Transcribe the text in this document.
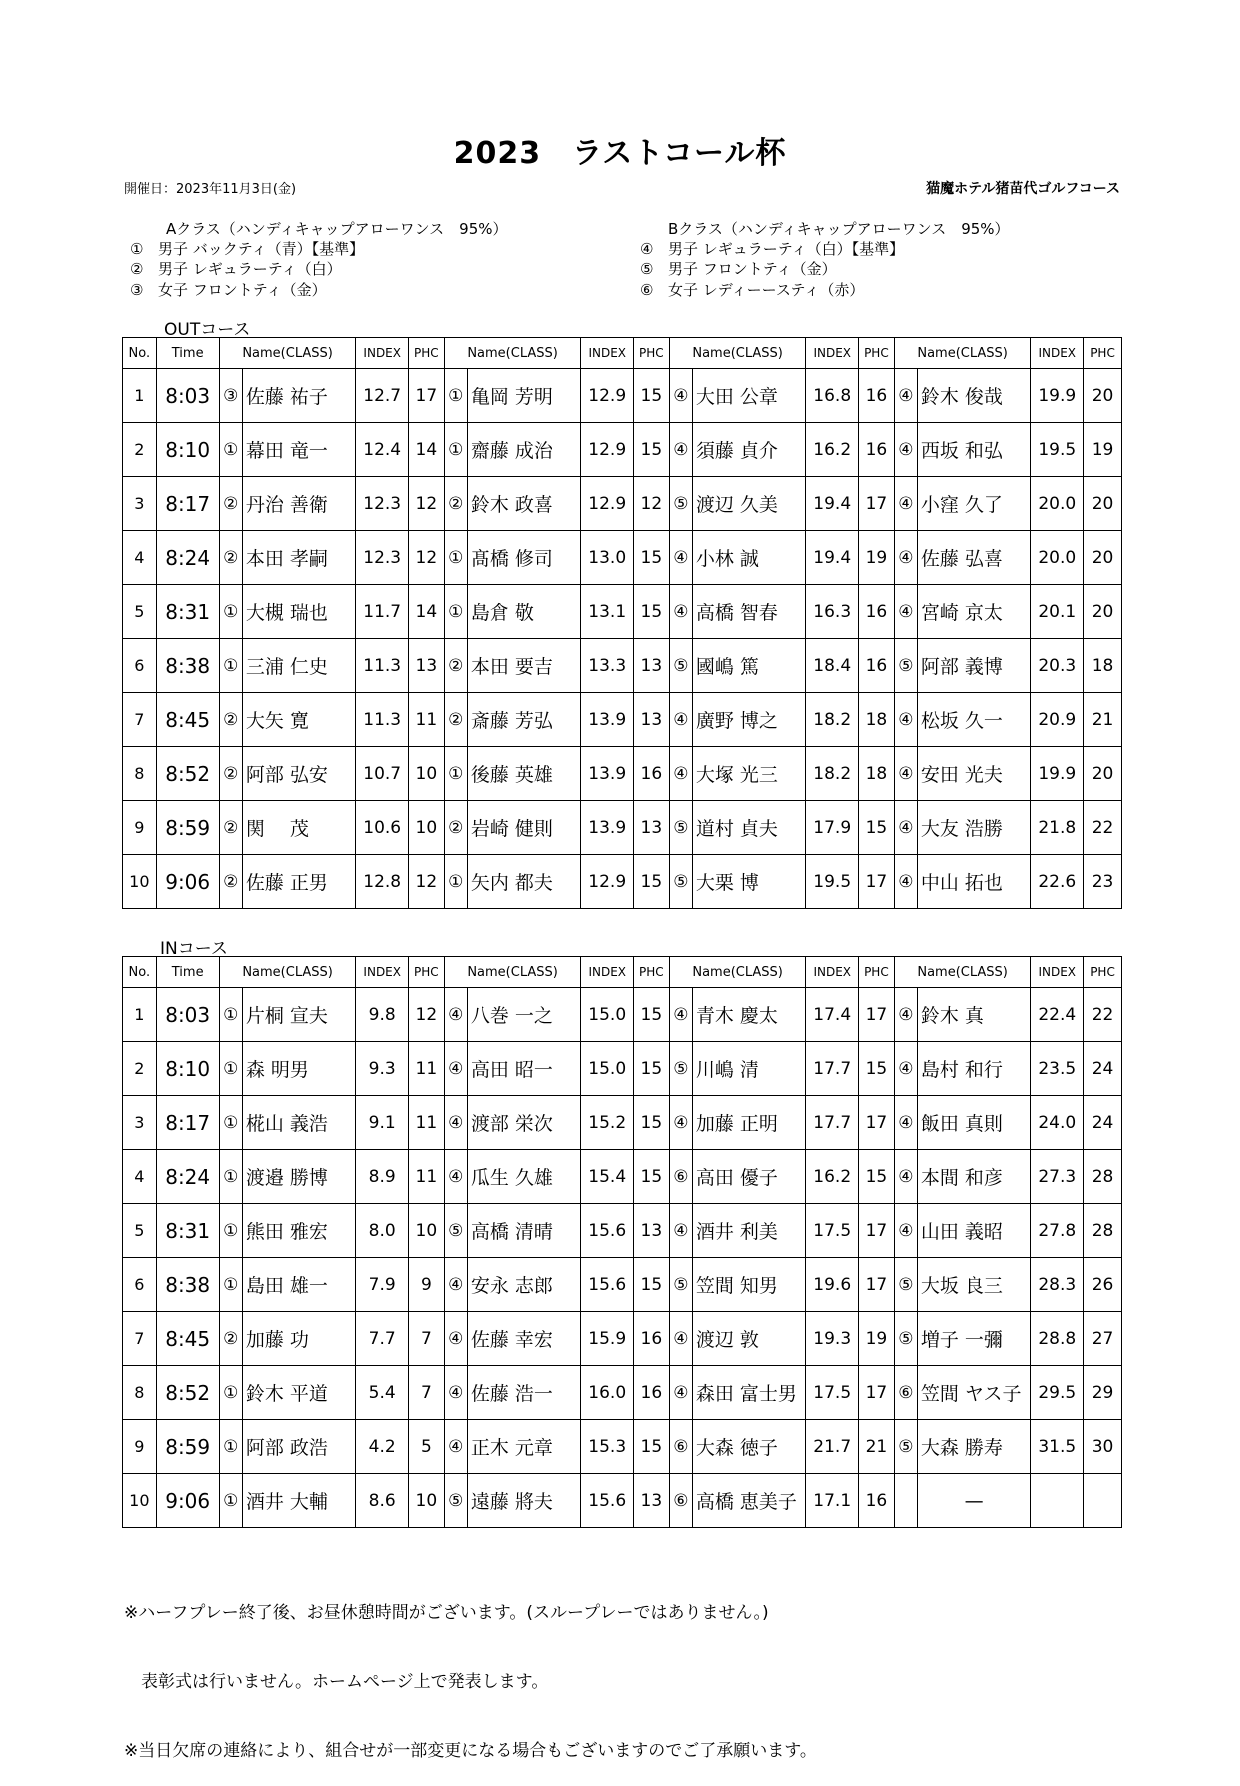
2023　ラストコール杯
開催日：2023年11月3日(金)	猫魔ホテル猪苗代ゴルフコース
Aクラス（ハンディキャップアローワンス　95%）
① 男子 バックティ（青）【基準】
② 男子 レギュラーティ（白）
③ 女子 フロントティ（金）
Bクラス（ハンディキャップアローワンス　95%）
④ 男子 レギュラーティ（白）【基準】
⑤ 男子 フロントティ（金）
⑥ 女子 レディーースティ（赤）
OUTコース
No.	Time	Name(CLASS)		INDEX	PHC	Name(CLASS)		INDEX	PHC	Name(CLASS)		INDEX	PHC	Name(CLASS)		INDEX	PHC
1	8:03	③	佐藤 祐子	12.7	17	①	亀岡 芳明	12.9	15	④	大田 公章	16.8	16	④	鈴木 俊哉	19.9	20
2	8:10	①	幕田 竜一	12.4	14	①	齋藤 成治	12.9	15	④	須藤 貞介	16.2	16	④	西坂 和弘	19.5	19
3	8:17	②	丹治 善衛	12.3	12	②	鈴木 政喜	12.9	12	⑤	渡辺 久美	19.4	17	④	小窪 久了	20.0	20
4	8:24	②	本田 孝嗣	12.3	12	①	髙橋 修司	13.0	15	④	小林 誠	19.4	19	④	佐藤 弘喜	20.0	20
5	8:31	①	大槻 瑞也	11.7	14	①	島倉 敬	13.1	15	④	高橋 智春	16.3	16	④	宮崎 京太	20.1	20
6	8:38	①	三浦 仁史	11.3	13	②	本田 要吉	13.3	13	⑤	國嶋 篤	18.4	16	⑤	阿部 義博	20.3	18
7	8:45	②	大矢 寛	11.3	11	②	斎藤 芳弘	13.9	13	④	廣野 博之	18.2	18	④	松坂 久一	20.9	21
8	8:52	②	阿部 弘安	10.7	10	①	後藤 英雄	13.9	16	④	大塚 光三	18.2	18	④	安田 光夫	19.9	20
9	8:59	②	関　 茂	10.6	10	②	岩崎 健則	13.9	13	⑤	道村 貞夫	17.9	15	④	大友 浩勝	21.8	22
10	9:06	②	佐藤 正男	12.8	12	①	矢内 都夫	12.9	15	⑤	大栗 博	19.5	17	④	中山 拓也	22.6	23
INコース
No.	Time	Name(CLASS)		INDEX	PHC	Name(CLASS)		INDEX	PHC	Name(CLASS)		INDEX	PHC	Name(CLASS)		INDEX	PHC
1	8:03	①	片桐 宣夫	9.8	12	④	八巻 一之	15.0	15	④	青木 慶太	17.4	17	④	鈴木 真	22.4	22
2	8:10	①	森 明男	9.3	11	④	高田 昭一	15.0	15	⑤	川嶋 清	17.7	15	④	島村 和行	23.5	24
3	8:17	①	椛山 義浩	9.1	11	④	渡部 栄次	15.2	15	④	加藤 正明	17.7	17	④	飯田 真則	24.0	24
4	8:24	①	渡邉 勝博	8.9	11	④	瓜生 久雄	15.4	15	⑥	高田 優子	16.2	15	④	本間 和彦	27.3	28
5	8:31	①	熊田 雅宏	8.0	10	⑤	高橋 清晴	15.6	13	④	酒井 利美	17.5	17	④	山田 義昭	27.8	28
6	8:38	①	島田 雄一	7.9	9	④	安永 志郎	15.6	15	⑤	笠間 知男	19.6	17	⑤	大坂 良三	28.3	26
7	8:45	②	加藤 功	7.7	7	④	佐藤 幸宏	15.9	16	④	渡辺 敦	19.3	19	⑤	増子 一彌	28.8	27
8	8:52	①	鈴木 平道	5.4	7	④	佐藤 浩一	16.0	16	④	森田 富士男	17.5	17	⑥	笠間 ヤス子	29.5	29
9	8:59	①	阿部 政浩	4.2	5	④	正木 元章	15.3	15	⑥	大森 徳子	21.7	21	⑤	大森 勝寿	31.5	30
10	9:06	①	酒井 大輔	8.6	10	⑤	遠藤 將夫	15.6	13	⑥	高橋 恵美子	17.1	16		—		

※ハーフプレー終了後、お昼休憩時間がございます。(スループレーではありません。)

　表彰式は行いません。ホームページ上で発表します。

※当日欠席の連絡により、組合せが一部変更になる場合もございますのでご了承願います。
